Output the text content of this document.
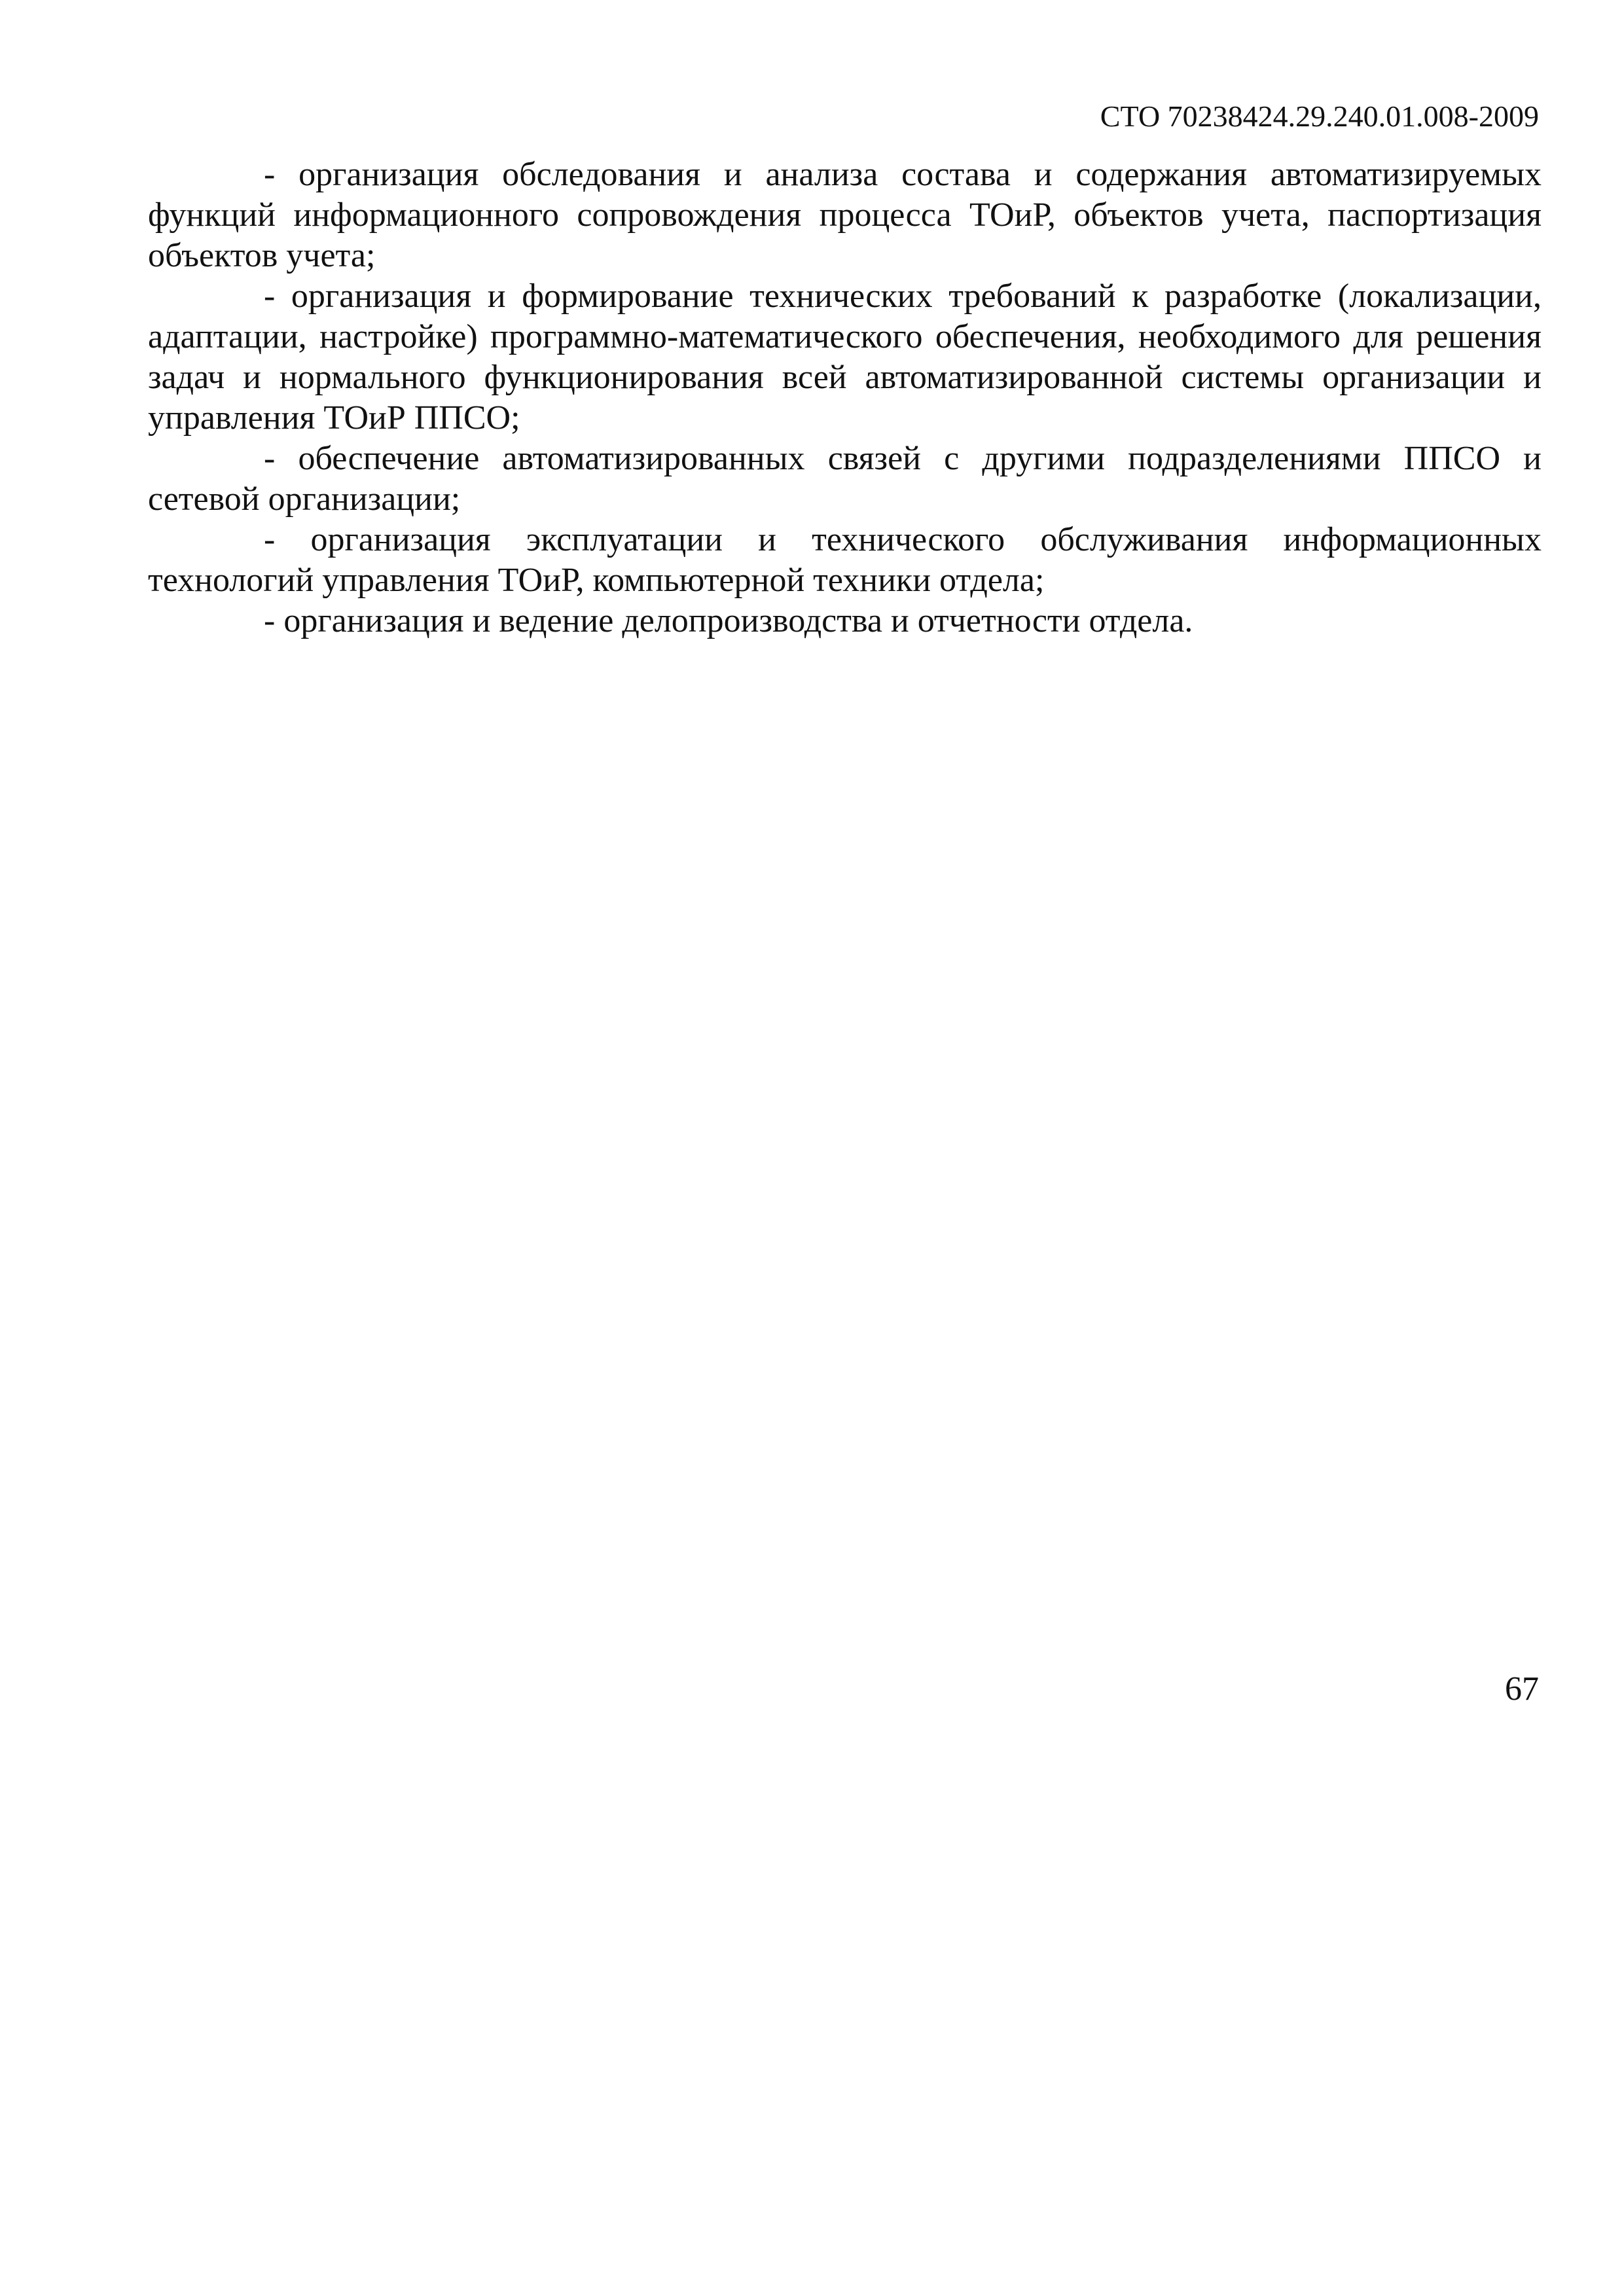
СТО 70238424.29.240.01.008-2009

- организация обследования и анализа состава и содержания автоматизируемых функций информационного сопровождения процесса ТОиР, объектов учета, паспортизация объектов учета;

- организация и формирование технических требований к разработке (локализации, адаптации, настройке) программно-математического обеспечения, необходимого для решения задач и нормального функционирования всей автоматизированной системы организации и управления ТОиР ППСО;

- обеспечение автоматизированных связей с другими подразделениями ППСО и сетевой организации;

- организация эксплуатации и технического обслуживания информационных технологий управления ТОиР, компьютерной техники отдела;

- организация и ведение делопроизводства и отчетности отдела.

67
